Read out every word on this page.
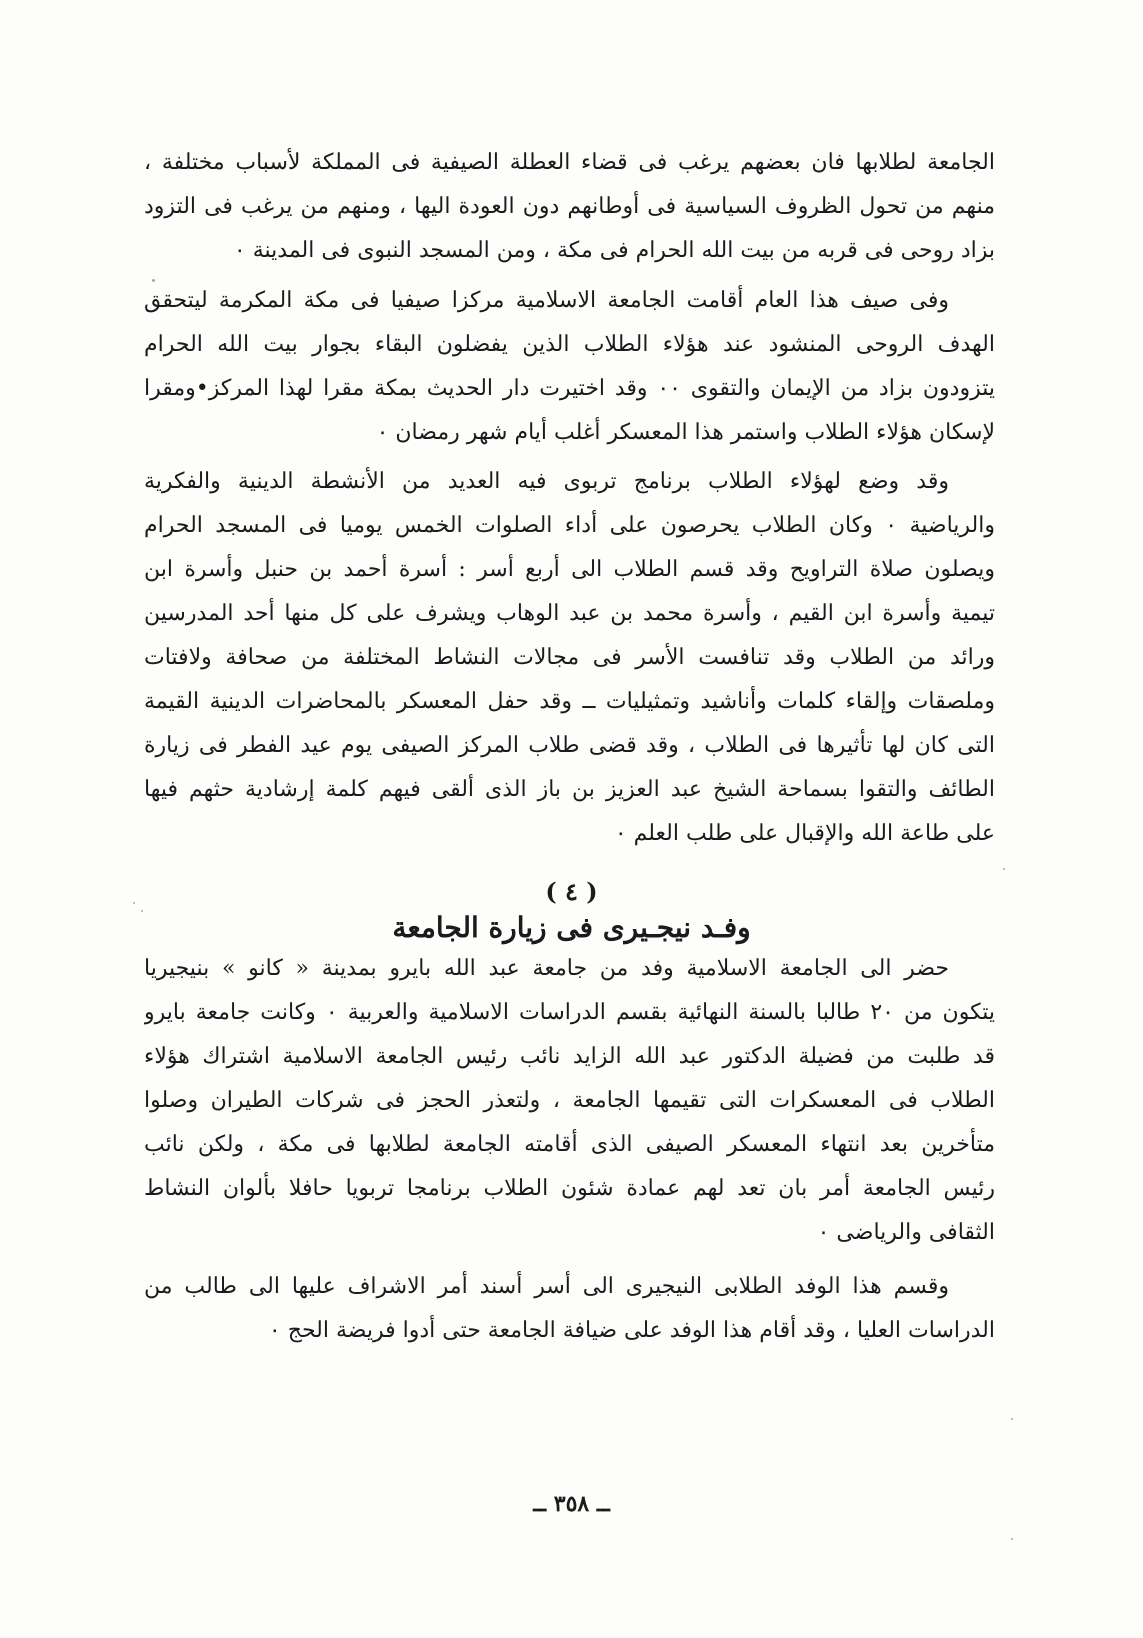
الجامعة لطلابها فان بعضهم يرغب فى قضاء العطلة الصيفية فى المملكة لأسباب مختلفة ،
منهم من تحول الظروف السياسية فى أوطانهم دون العودة اليها ، ومنهم من يرغب فى التزود
بزاد روحى فى قربه من بيت الله الحرام فى مكة ، ومن المسجد النبوى فى المدينة ٠
وفى صيف هذا العام أقامت الجامعة الاسلامية مركزا صيفيا فى مكة المكرمة ليتحقق
الهدف الروحى المنشود عند هؤلاء الطلاب الذين يفضلون البقاء بجوار بيت الله الحرام
يتزودون بزاد من الإيمان والتقوى ٠٠ وقد اختيرت دار الحديث بمكة مقرا لهذا المركز•ومقرا
لإسكان هؤلاء الطلاب واستمر هذا المعسكر أغلب أيام شهر رمضان ٠
وقد وضع لهؤلاء الطلاب برنامج تربوى فيه العديد من الأنشطة الدينية والفكرية
والرياضية ٠ وكان الطلاب يحرصون على أداء الصلوات الخمس يوميا فى المسجد الحرام
ويصلون صلاة التراويح وقد قسم الطلاب الى أربع أسر : أسرة أحمد بن حنبل وأسرة ابن
تيمية وأسرة ابن القيم ، وأسرة محمد بن عبد الوهاب ويشرف على كل منها أحد المدرسين
ورائد من الطلاب وقد تنافست الأسر فى مجالات النشاط المختلفة من صحافة ولافتات
وملصقات وإلقاء كلمات وأناشيد وتمثيليات ــ وقد حفل المعسكر بالمحاضرات الدينية القيمة
التى كان لها تأثيرها فى الطلاب ، وقد قضى طلاب المركز الصيفى يوم عيد الفطر فى زيارة
الطائف والتقوا بسماحة الشيخ عبد العزيز بن باز الذى ألقى فيهم كلمة إرشادية حثهم فيها
على طاعة الله والإقبال على طلب العلم ٠
( ٤ )
وفـد نيجـيرى فى زيارة الجامعة
حضر الى الجامعة الاسلامية وفد من جامعة عبد الله بايرو بمدينة « كانو » بنيجيريا
يتكون من ٢٠ طالبا بالسنة النهائية بقسم الدراسات الاسلامية والعربية ٠ وكانت جامعة بايرو
قد طلبت من فضيلة الدكتور عبد الله الزايد نائب رئيس الجامعة الاسلامية اشتراك هؤلاء
الطلاب فى المعسكرات التى تقيمها الجامعة ، ولتعذر الحجز فى شركات الطيران وصلوا
متأخرين بعد انتهاء المعسكر الصيفى الذى أقامته الجامعة لطلابها فى مكة ، ولكن نائب
رئيس الجامعة أمر بان تعد لهم عمادة شئون الطلاب برنامجا تربويا حافلا بألوان النشاط
الثقافى والرياضى ٠
وقسم هذا الوفد الطلابى النيجيرى الى أسر أسند أمر الاشراف عليها الى طالب من
الدراسات العليا ، وقد أقام هذا الوفد على ضيافة الجامعة حتى أدوا فريضة الحج ٠
ــ ٣٥٨ ــ
